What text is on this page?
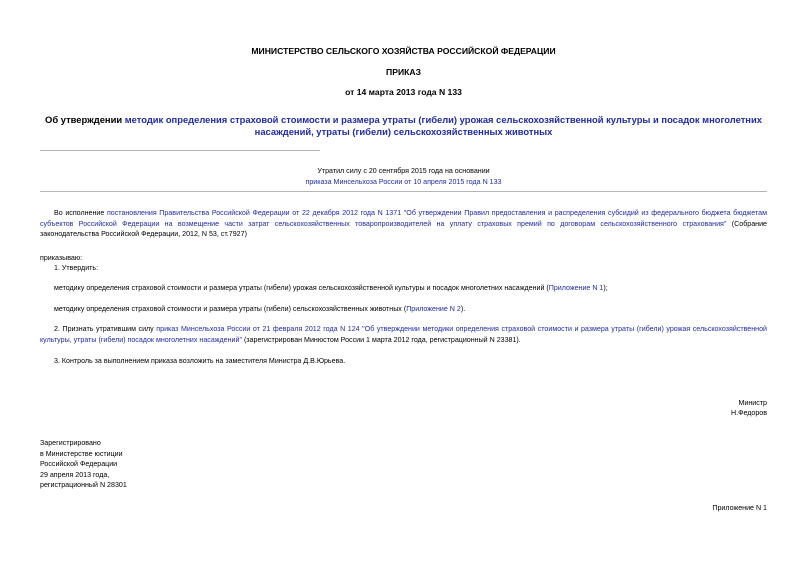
МИНИСТЕРСТВО СЕЛЬСКОГО ХОЗЯЙСТВА РОССИЙСКОЙ ФЕДЕРАЦИИ
ПРИКАЗ
от 14 марта 2013 года N 133
Об утверждении методик определения страховой стоимости и размера утраты (гибели) урожая сельскохозяйственной культуры и посадок многолетних насаждений, утраты (гибели) сельскохозяйственных животных
Утратил силу с 20 сентября 2015 года на основании
приказа Минсельхоза России от 10 апреля 2015 года N 133
Во исполнение постановления Правительства Российской Федерации от 22 декабря 2012 года N 1371 "Об утверждении Правил предоставления и распределения субсидий из федерального бюджета бюджетам субъектов Российской Федерации на возмещение части затрат сельскохозяйственных товаропроизводителей на уплату страховых премий по договорам сельскохозяйственного страхования" (Собрание законодательства Российской Федерации, 2012, N 53, ст.7927)
приказываю:
1. Утвердить:
методику определения страховой стоимости и размера утраты (гибели) урожая сельскохозяйственной культуры и посадок многолетних насаждений (Приложение N 1);
методику определения страховой стоимости и размера утраты (гибели) сельскохозяйственных животных (Приложение N 2).
2. Признать утратившим силу приказ Минсельхоза России от 21 февраля 2012 года N 124 "Об утверждении методики определения страховой стоимости и размера утраты (гибели) урожая сельскохозяйственной культуры, утраты (гибели) посадок многолетних насаждений" (зарегистрирован Минюстом России 1 марта 2012 года, регистрационный N 23381).
3. Контроль за выполнением приказа возложить на заместителя Министра Д.В.Юрьева.
Министр
Н.Федоров
Зарегистрировано
в Министерстве юстиции
Российской Федерации
29 апреля 2013 года,
регистрационный N 28301
Приложение N 1
